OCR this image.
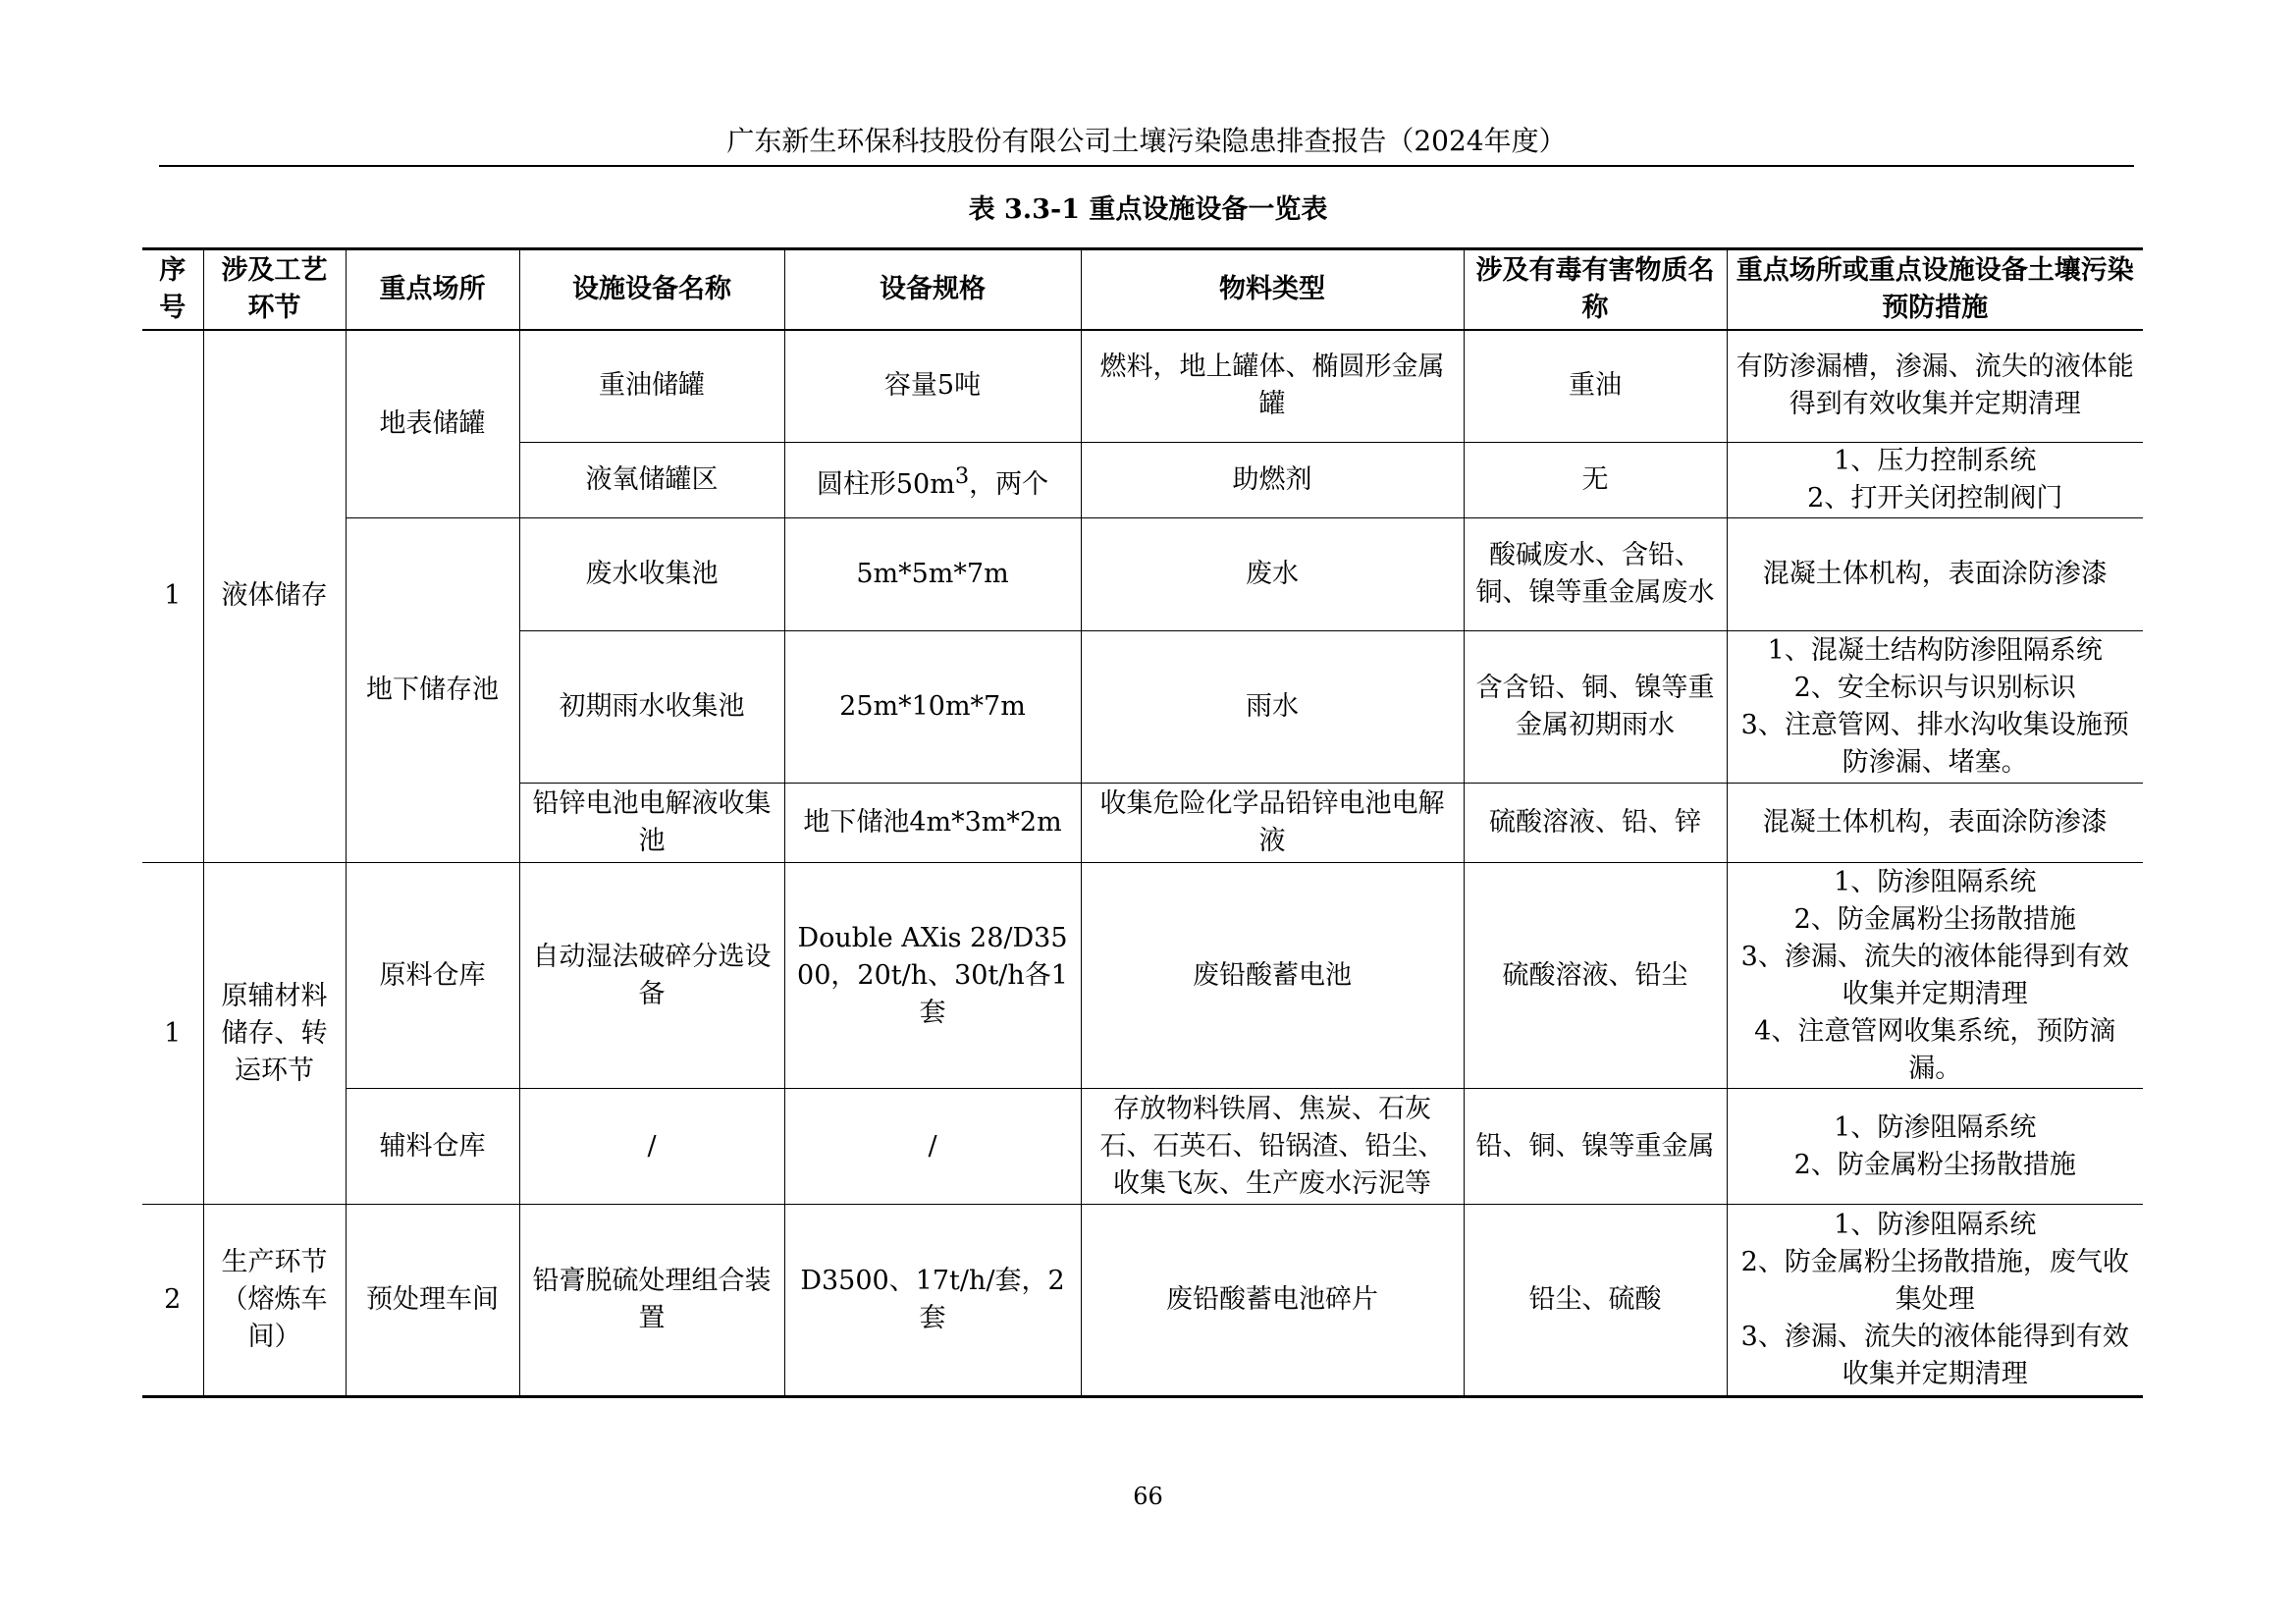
广东新生环保科技股份有限公司土壤污染隐患排查报告（2024年度）
表 3.3-1 重点设施设备一览表
序号	涉及工艺环节	重点场所	设施设备名称	设备规格	物料类型	涉及有毒有害物质名称	重点场所或重点设施设备土壤污染预防措施
1	液体储存	地表储罐	重油储罐	容量5吨	燃料，地上罐体、椭圆形金属罐	重油	有防渗漏槽，渗漏、流失的液体能得到有效收集并定期清理
			液氧储罐区	圆柱形$50m^3$，两个	助燃剂	无	1、压力控制系统
2、打开关闭控制阀门

		地下储存池	废水收集池	5m*5m*7m	废水	酸碱废水、含铅、铜、镍等重金属废水	混凝土体机构，表面涂防渗漆
			初期雨水收集池	25m*10m*7m	雨水	含含铅、铜、镍等重金属初期雨水	1、混凝土结构防渗阻隔系统
2、安全标识与识别标识
3、注意管网、排水沟收集设施预防渗漏、堵塞。

			铅锌电池电解液收集池	地下储池4m*3m*2m	收集危险化学品铅锌电池电解液	硫酸溶液、铅、锌	混凝土体机构，表面涂防渗漆
1	原辅材料储存、转运环节	原料仓库	自动湿法破碎分选设备	Double AXis 28/D3500，20t/h、30t/h各1套	废铅酸蓄电池	硫酸溶液、铅尘	1、防渗阻隔系统
2、防金属粉尘扬散措施
3、渗漏、流失的液体能得到有效收集并定期清理
4、注意管网收集系统，预防滴漏。

		辅料仓库	/	/	存放物料铁屑、焦炭、石灰石、石英石、铅锅渣、铅尘、收集飞灰、生产废水污泥等	铅、铜、镍等重金属	1、防渗阻隔系统
2、防金属粉尘扬散措施

2	生产环节（熔炼车间）	预处理车间	铅膏脱硫处理组合装置	D3500、17t/h/套，2套	废铅酸蓄电池碎片	铅尘、硫酸	1、防渗阻隔系统
2、防金属粉尘扬散措施，废气收集处理
3、渗漏、流失的液体能得到有效收集并定期清理
66
